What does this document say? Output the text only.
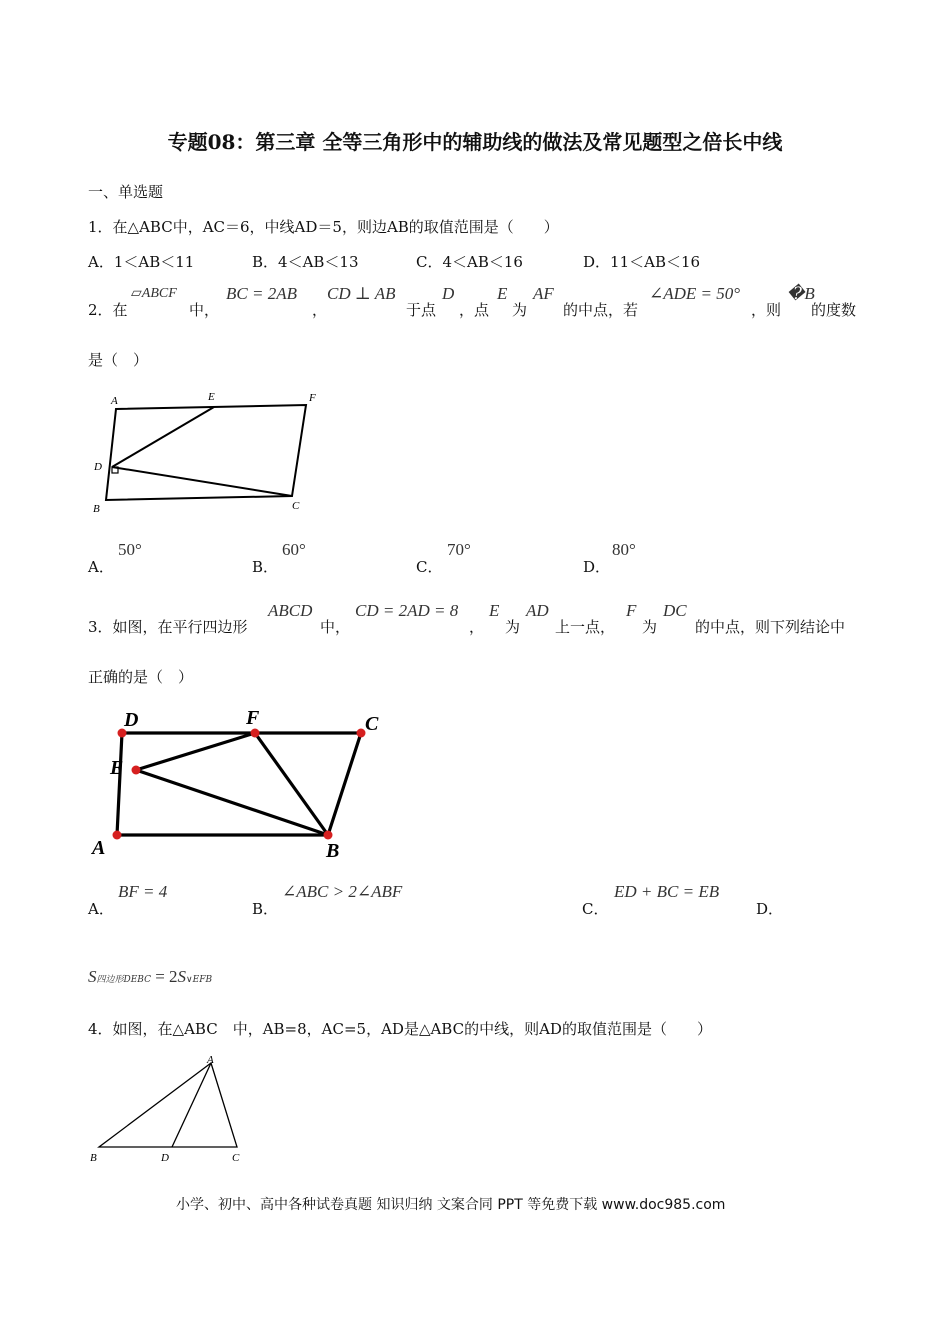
专题08：第三章 全等三角形中的辅助线的做法及常见题型之倍长中线
一、单选题
1．在△ABC中，AC＝6，中线AD＝5，则边AB的取值范围是（　　）
A．1＜AB＜11	B．4＜AB＜13	C．4＜AB＜16	D．11＜AB＜16
2．在
▱ABCF
中，
BC = 2AB
，
CD ⊥ AB
于点
D
，点
E
为
AF
的中点，若
∠ADE = 50°
，则
�B
的度数
是（　）
A	E	F
D
B	C
A．
50°
B．
60°
C．
70°
D．
80°
3．如图，在平行四边形
ABCD
中，
CD = 2AD = 8
，
E
为
AD
上一点，
F
为
DC
的中点，则下列结论中
正确的是（　）
D	F	C
E
A	B
A．
BF = 4
B．
∠ABC > 2∠ABF
C．
ED + BC = EB
D．
S四边形DEBC = 2S∨EFB
4．如图，在△ABC　中，AB=8，AC=5，AD是△ABC的中线，则AD的取值范围是（　　）
A
B	D	C
小学、初中、高中各种试卷真题 知识归纳 文案合同 PPT 等免费下载 www.doc985.com
